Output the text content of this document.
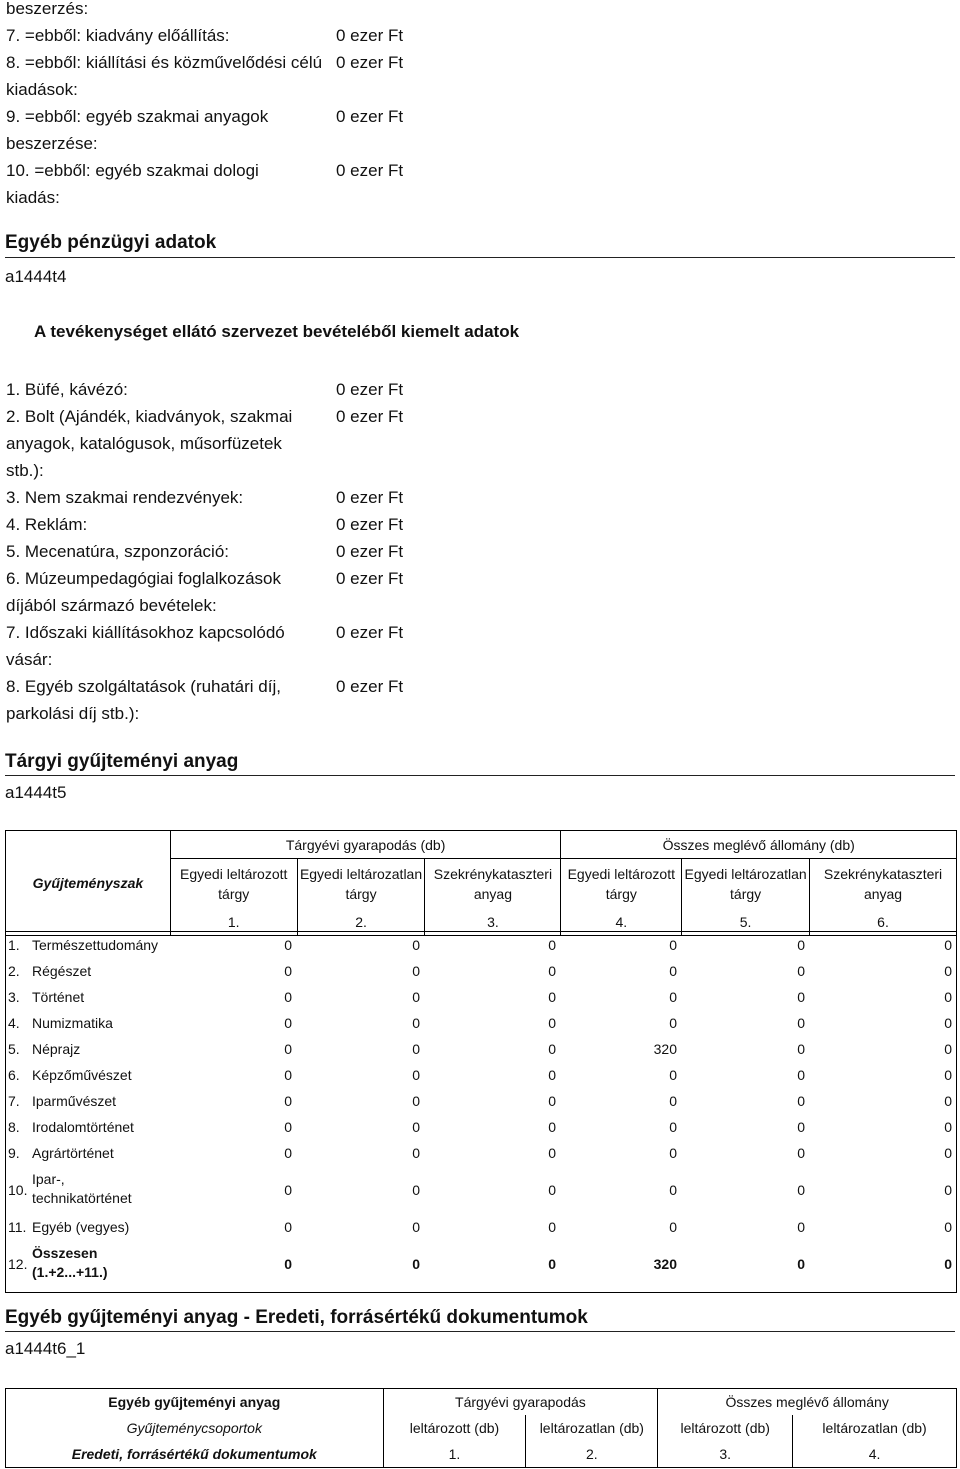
beszerzés:
7. =ebből: kiadvány előállítás:	0 ezer Ft
8. =ebből: kiállítási és közművelődési célú kiadások:
0 ezer Ft
9. =ebből: egyéb szakmai anyagok beszerzése:
0 ezer Ft
10. =ebből: egyéb szakmai dologi kiadás:
0 ezer Ft
Egyéb pénzügyi adatok
a1444t4
A tevékenységet ellátó szervezet bevételéből kiemelt adatok
1. Büfé, kávézó:	0 ezer Ft
2. Bolt (Ajándék, kiadványok, szakmai anyagok, katalógusok, műsorfüzetek stb.):
0 ezer Ft
3. Nem szakmai rendezvények:	0 ezer Ft
4. Reklám:	0 ezer Ft
5. Mecenatúra, szponzoráció:	0 ezer Ft
6. Múzeumpedagógiai foglalkozások díjából származó bevételek:
0 ezer Ft
7. Időszaki kiállításokhoz kapcsolódó vásár:
0 ezer Ft
8. Egyéb szolgáltatások (ruhatári díj, parkolási díj stb.):
0 ezer Ft
Tárgyi gyűjteményi anyag
a1444t5
Gyűjteményszak	Tárgyévi gyarapodás (db)			Összes meglévő állomány (db)		
	Egyedi leltározott tárgy	Egyedi leltározatlan tárgy	Szekrénykataszteri anyag	Egyedi leltározott tárgy	Egyedi leltározatlan tárgy	Szekrénykataszteri anyag
	1.	2.	3.	4.	5.	6.
1. Természettudomány	0	0	0	0	0	0
2. Régészet	0	0	0	0	0	0
3. Történet	0	0	0	0	0	0
4. Numizmatika	0	0	0	0	0	0
5. Néprajz	0	0	0	320	0	0
6. Képzőművészet	0	0	0	0	0	0
7. Iparművészet	0	0	0	0	0	0
8. Irodalomtörténet	0	0	0	0	0	0
9. Agrártörténet	0	0	0	0	0	0
10.
Ipar-, technikatörténet	0	0	0	0	0	0
11. Egyéb (vegyes)	0	0	0	0	0	0
12.
Összesen (1.+2...+11.)	0	0	0	320	0	0
Egyéb gyűjteményi anyag - Eredeti, forrásértékű dokumentumok
a1444t6_1
Egyéb gyűjteményi anyag	Tárgyévi gyarapodás		Összes meglévő állomány	
Gyűjteménycsoportok	leltározott (db)	leltározatlan (db)	leltározott (db)	leltározatlan (db)
Eredeti, forrásértékű dokumentumok	1.	2.	3.	4.
